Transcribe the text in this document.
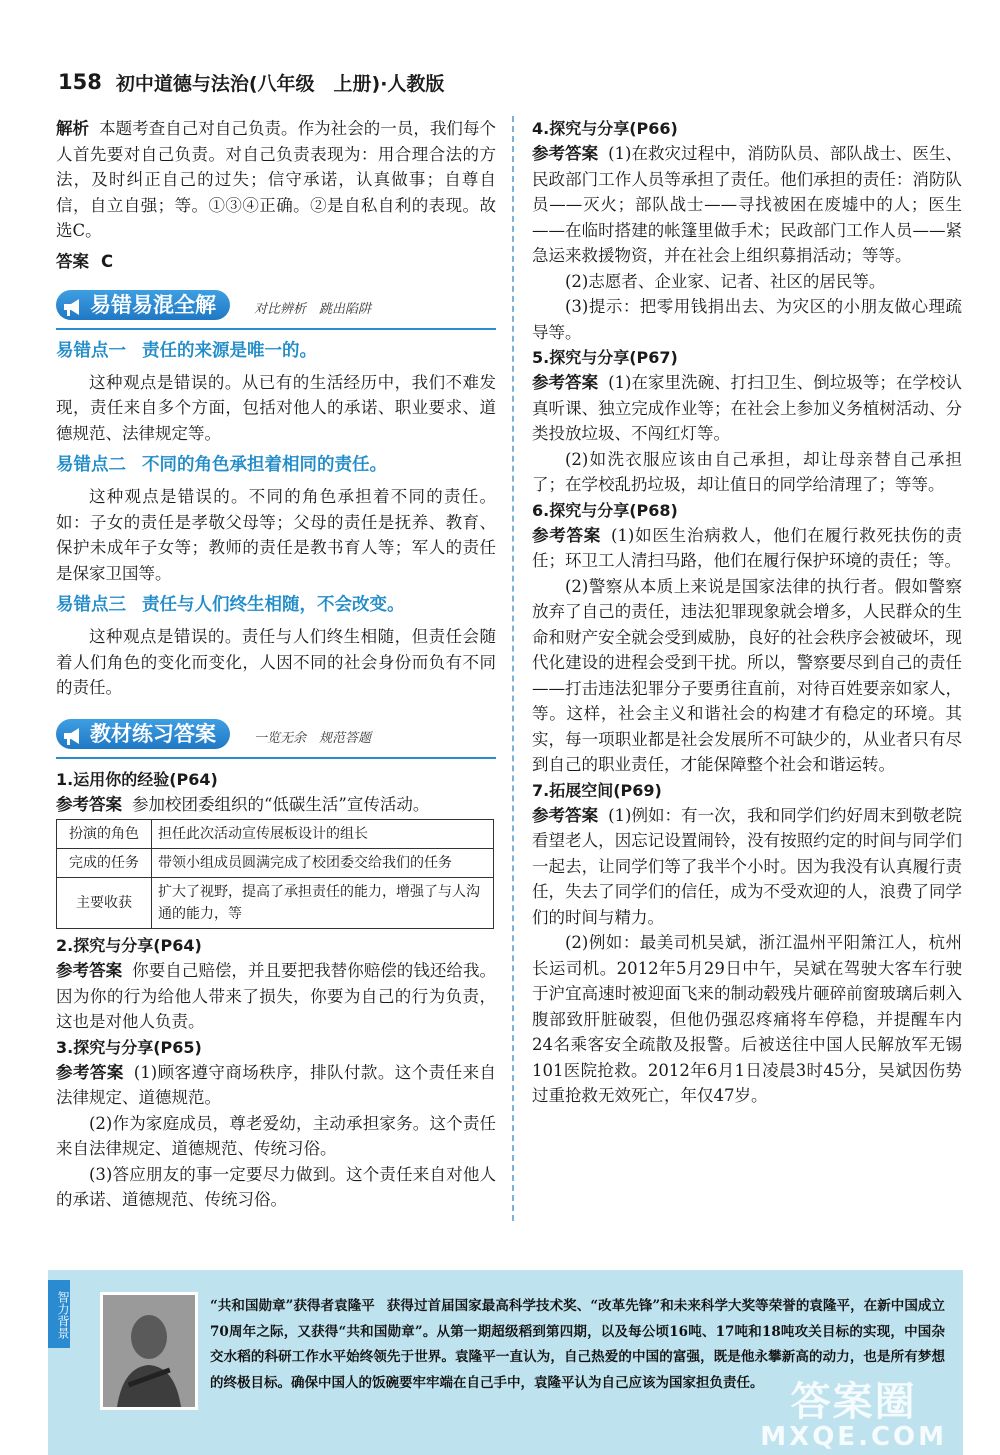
158 初中道德与法治(八年级　上册)·人教版

解析 本题考查自己对自己负责。作为社会的一员，我们每个人首先要对自己负责。对自己负责表现为：用合理合法的方法，及时纠正自己的过失；信守承诺，认真做事；自尊自信，自立自强；等。①③④正确。②是自私自利的表现。故选C。

答案 C
易错易混全解	对比辨析　跳出陷阱
易错点一 责任的来源是唯一的。

这种观点是错误的。从已有的生活经历中，我们不难发现，责任来自多个方面，包括对他人的承诺、职业要求、道德规范、法律规定等。

易错点二 不同的角色承担着相同的责任。

这种观点是错误的。不同的角色承担着不同的责任。如：子女的责任是孝敬父母等；父母的责任是抚养、教育、保护未成年子女等；教师的责任是教书育人等；军人的责任是保家卫国等。

易错点三 责任与人们终生相随，不会改变。

这种观点是错误的。责任与人们终生相随，但责任会随着人们角色的变化而变化，人因不同的社会身份而负有不同的责任。

教材练习答案	一览无余　规范答题
1.运用你的经验(P64)

参考答案 参加校团委组织的“低碳生活”宣传活动。

扮演的角色	担任此次活动宣传展板设计的组长
完成的任务	带领小组成员圆满完成了校团委交给我们的任务
主要收获	扩大了视野，提高了承担责任的能力，增强了与人沟通的能力，等
2.探究与分享(P64)

参考答案 你要自己赔偿，并且要把我替你赔偿的钱还给我。因为你的行为给他人带来了损失，你要为自己的行为负责，这也是对他人负责。

3.探究与分享(P65)

参考答案 (1)顾客遵守商场秩序，排队付款。这个责任来自法律规定、道德规范。

(2)作为家庭成员，尊老爱幼，主动承担家务。这个责任来自法律规定、道德规范、传统习俗。

(3)答应朋友的事一定要尽力做到。这个责任来自对他人的承诺、道德规范、传统习俗。

4.探究与分享(P66)

参考答案 (1)在救灾过程中，消防队员、部队战士、医生、民政部门工作人员等承担了责任。他们承担的责任：消防队员——灭火；部队战士——寻找被困在废墟中的人；医生——在临时搭建的帐篷里做手术；民政部门工作人员——紧急运来救援物资，并在社会上组织募捐活动；等等。

(2)志愿者、企业家、记者、社区的居民等。

(3)提示：把零用钱捐出去、为灾区的小朋友做心理疏导等。

5.探究与分享(P67)

参考答案 (1)在家里洗碗、打扫卫生、倒垃圾等；在学校认真听课、独立完成作业等；在社会上参加义务植树活动、分类投放垃圾、不闯红灯等。

(2)如洗衣服应该由自己承担，却让母亲替自己承担了；在学校乱扔垃圾，却让值日的同学给清理了；等等。

6.探究与分享(P68)

参考答案 (1)如医生治病救人，他们在履行救死扶伤的责任；环卫工人清扫马路，他们在履行保护环境的责任；等。

(2)警察从本质上来说是国家法律的执行者。假如警察放弃了自己的责任，违法犯罪现象就会增多，人民群众的生命和财产安全就会受到威胁，良好的社会秩序会被破坏，现代化建设的进程会受到干扰。所以，警察要尽到自己的责任——打击违法犯罪分子要勇往直前，对待百姓要亲如家人，等。这样，社会主义和谐社会的构建才有稳定的环境。其实，每一项职业都是社会发展所不可缺少的，从业者只有尽到自己的职业责任，才能保障整个社会和谐运转。

7.拓展空间(P69)

参考答案 (1)例如：有一次，我和同学们约好周末到敬老院看望老人，因忘记设置闹铃，没有按照约定的时间与同学们一起去，让同学们等了我半个小时。因为我没有认真履行责任，失去了同学们的信任，成为不受欢迎的人，浪费了同学们的时间与精力。

(2)例如：最美司机吴斌，浙江温州平阳箫江人，杭州长运司机。2012年5月29日中午，吴斌在驾驶大客车行驶于沪宜高速时被迎面飞来的制动毂残片砸碎前窗玻璃后刺入腹部致肝脏破裂，但他仍强忍疼痛将车停稳，并提醒车内24名乘客安全疏散及报警。后被送往中国人民解放军无锡101医院抢救。2012年6月1日凌晨3时45分，吴斌因伤势过重抢救无效死亡，年仅47岁。

智力背景	“共和国勋章”获得者袁隆平 获得过首届国家最高科学技术奖、“改革先锋”和未来科学大奖等荣誉的袁隆平，在新中国成立70周年之际，又获得“共和国勋章”。从第一期超级稻到第四期，以及每公顷16吨、17吨和18吨攻关目标的实现，中国杂交水稻的科研工作水平始终领先于世界。袁隆平一直认为，自己热爱的中国的富强，既是他永攀新高的动力，也是所有梦想的终极目标。确保中国人的饭碗要牢牢端在自己手中，袁隆平认为自己应该为国家担负责任。 答案圈
MXQE.COM
